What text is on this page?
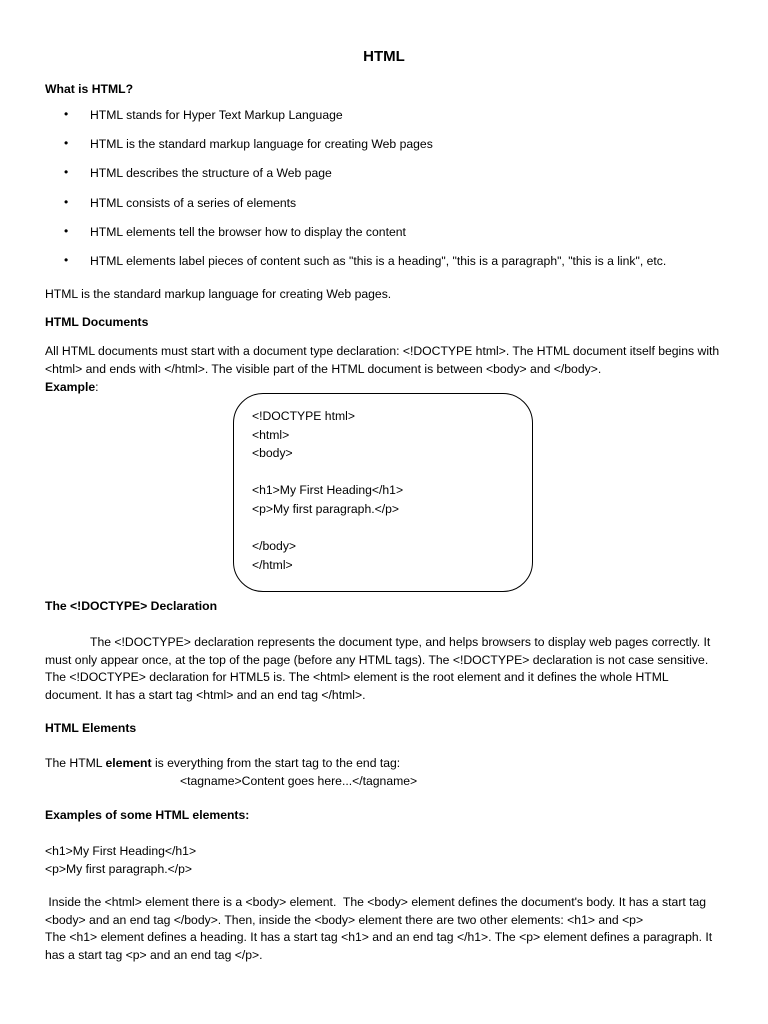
HTML
What is HTML?
• HTML stands for Hyper Text Markup Language
• HTML is the standard markup language for creating Web pages
• HTML describes the structure of a Web page
• HTML consists of a series of elements
• HTML elements tell the browser how to display the content
• HTML elements label pieces of content such as "this is a heading", "this is a paragraph", "this is a link", etc.
HTML is the standard markup language for creating Web pages.
HTML Documents
All HTML documents must start with a document type declaration: <!DOCTYPE html>. The HTML document itself begins with <html> and ends with </html>. The visible part of the HTML document is between <body> and </body>.
Example:
<!DOCTYPE html>
<html>
<body>
<h1>My First Heading</h1>
<p>My first paragraph.</p>
</body>
</html>
The <!DOCTYPE> Declaration
The <!DOCTYPE> declaration represents the document type, and helps browsers to display web pages correctly. It must only appear once, at the top of the page (before any HTML tags). The <!DOCTYPE> declaration is not case sensitive. The <!DOCTYPE> declaration for HTML5 is. The <html> element is the root element and it defines the whole HTML document. It has a start tag <html> and an end tag </html>.
HTML Elements
The HTML element is everything from the start tag to the end tag:
<tagname>Content goes here...</tagname>
Examples of some HTML elements:
<h1>My First Heading</h1>
<p>My first paragraph.</p>
Inside the <html> element there is a <body> element.  The <body> element defines the document's body. It has a start tag <body> and an end tag </body>. Then, inside the <body> element there are two other elements: <h1> and <p>
The <h1> element defines a heading. It has a start tag <h1> and an end tag </h1>. The <p> element defines a paragraph. It has a start tag <p> and an end tag </p>.
